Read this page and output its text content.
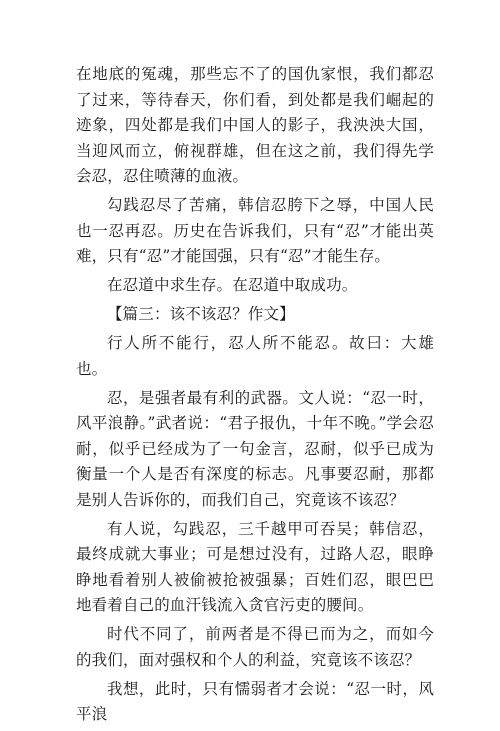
在地底的冤魂，那些忘不了的国仇家恨，我们都忍了过来，等待春天，你们看，到处都是我们崛起的迹象，四处都是我们中国人的影子，我泱泱大国，当迎风而立，俯视群雄，但在这之前，我们得先学会忍，忍住喷薄的血液。

勾践忍尽了苦痛，韩信忍胯下之辱，中国人民也一忍再忍。历史在告诉我们，只有“忍”才能出英难，只有“忍”才能国强，只有“忍”才能生存。

在忍道中求生存。在忍道中取成功。

【篇三：该不该忍？作文】

行人所不能行，忍人所不能忍。故曰：大雄也。

忍，是强者最有利的武器。文人说：“忍一时，风平浪静。”武者说：“君子报仇，十年不晚。”学会忍耐，似乎已经成为了一句金言，忍耐，似乎已成为衡量一个人是否有深度的标志。凡事要忍耐，那都是别人告诉你的，而我们自己，究竟该不该忍？

有人说，勾践忍，三千越甲可吞吴；韩信忍，最终成就大事业；可是想过没有，过路人忍，眼睁睁地看着别人被偷被抢被强暴；百姓们忍，眼巴巴地看着自己的血汗钱流入贪官污吏的腰间。

时代不同了，前两者是不得已而为之，而如今的我们，面对强权和个人的利益，究竟该不该忍？

我想，此时，只有懦弱者才会说：“忍一时，风平浪
